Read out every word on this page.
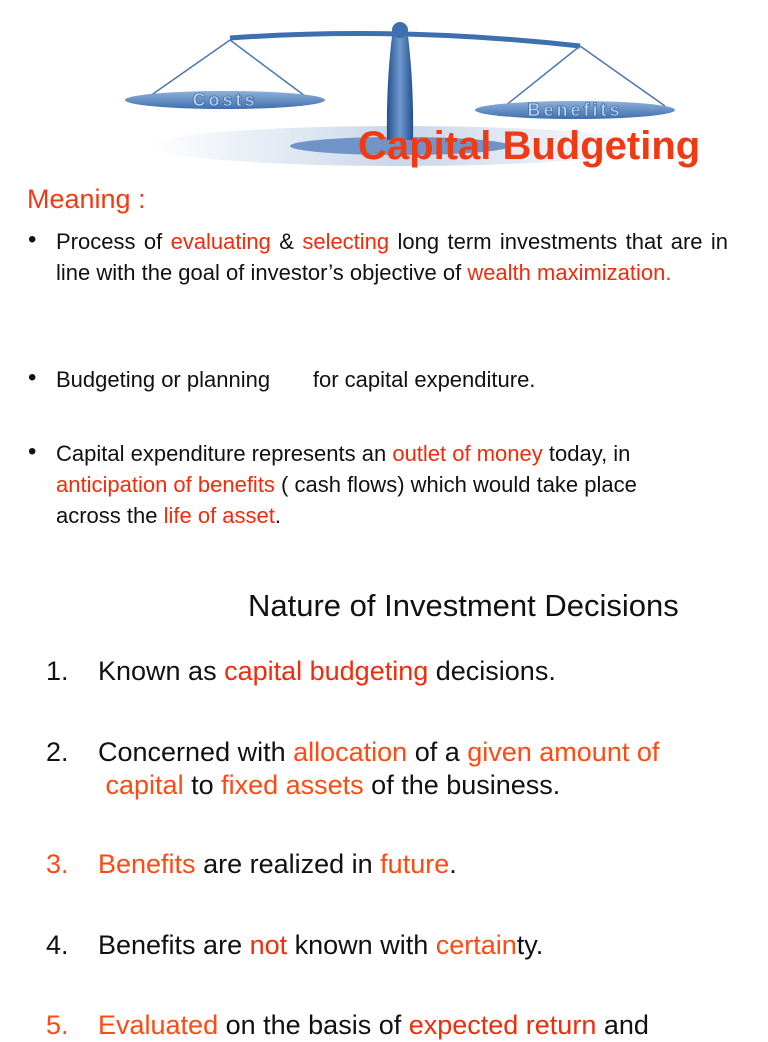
Costs	Benefits
Capital Budgeting
Meaning :
• Process of evaluating & selecting long term investments that are in line with the goal of investor’s objective of wealth maximization.
• Budgeting or planning       for capital expenditure.
• Capital expenditure represents an outlet of money today, in
anticipation of benefits ( cash flows) which would take place
across the life of asset.
Nature of Investment Decisions
1. Known as capital budgeting decisions.
2. Concerned with allocation of a given amount of
capital to fixed assets of the business.
3. Benefits are realized in future.
4. Benefits are not known with certainty.
5. Evaluated on the basis of expected return and
